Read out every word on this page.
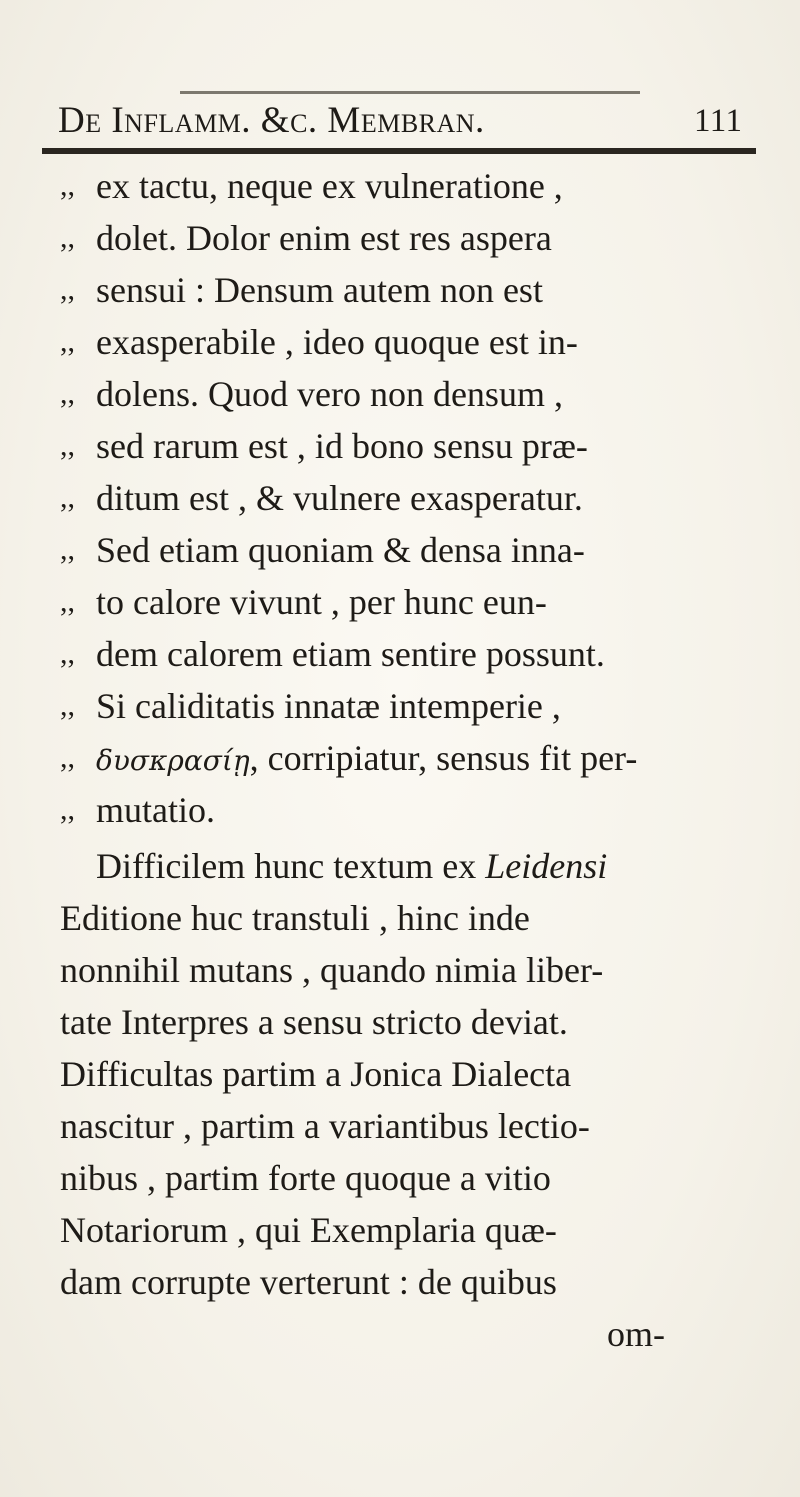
De Inflamm. &c. Membran.	111
,, ex tactu, neque ex vulneratione ,
,, dolet. Dolor enim est res aspera
,, sensui : Densum autem non est
,, exasperabile , ideo quoque est in-
,, dolens. Quod vero non densum ,
,, sed rarum est , id bono sensu præ-
,, ditum est , & vulnere exasperatur.
,, Sed etiam quoniam & densa inna-
,, to calore vivunt , per hunc eun-
,, dem calorem etiam sentire possunt.
,, Si caliditatis innatæ intemperie ,
,, δυσκρασίῃ, corripiatur, sensus fit per-
,, mutatio.
Difficilem hunc textum ex Leidensi
Editione huc transtuli , hinc inde
nonnihil mutans , quando nimia liber-
tate Interpres a sensu stricto deviat.
Difficultas partim a Jonica Dialecta
nascitur , partim a variantibus lectio-
nibus , partim forte quoque a vitio
Notariorum , qui Exemplaria quæ-
dam corrupte verterunt : de quibus
om-
